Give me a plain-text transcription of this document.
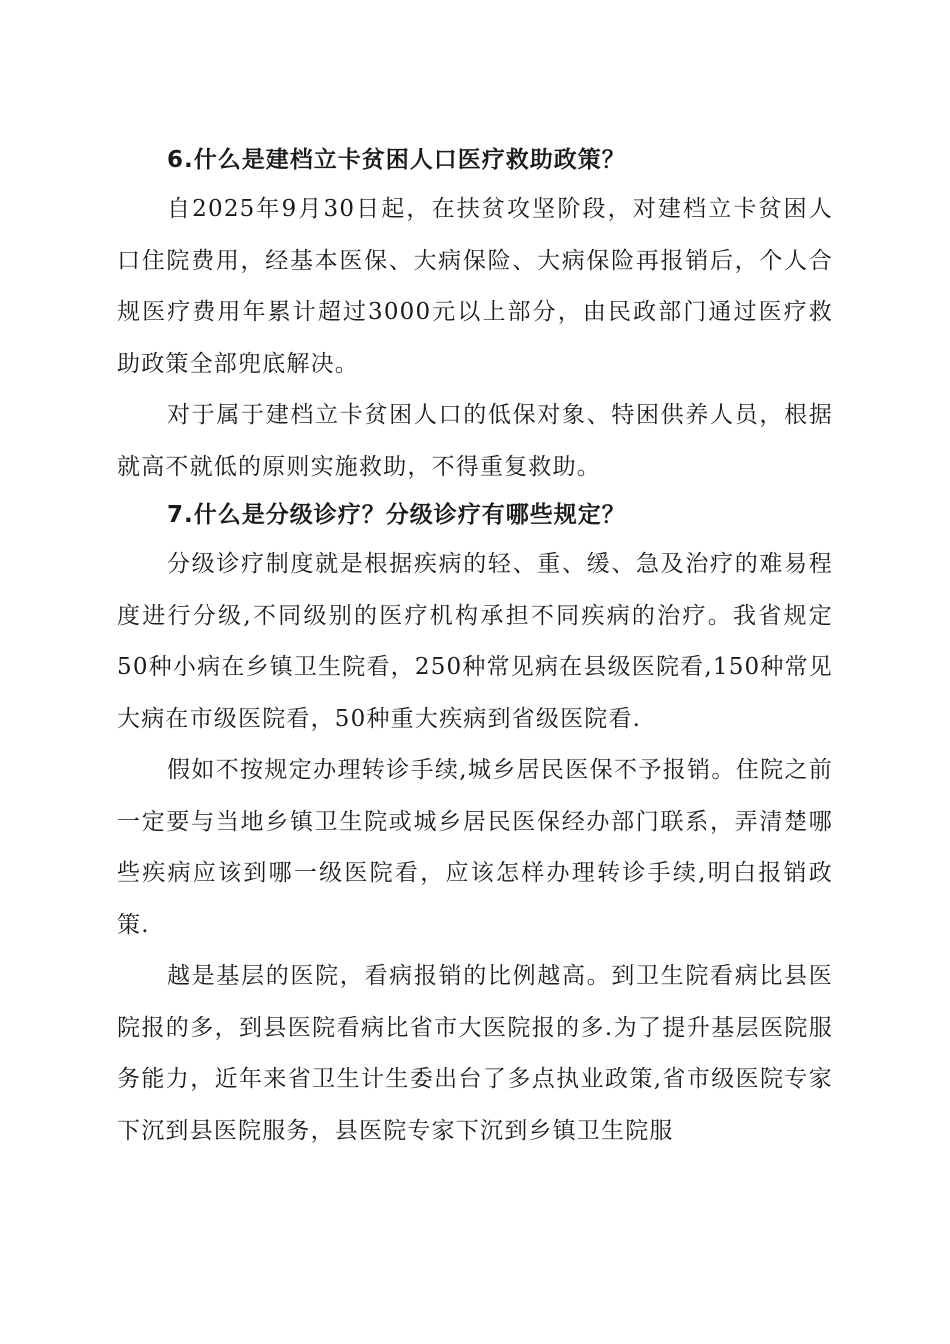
6.什么是建档立卡贫困人口医疗救助政策？

自2025年9月30日起，在扶贫攻坚阶段，对建档立卡贫困人口住院费用，经基本医保、大病保险、大病保险再报销后，个人合规医疗费用年累计超过3000元以上部分，由民政部门通过医疗救助政策全部兜底解决。

对于属于建档立卡贫困人口的低保对象、特困供养人员，根据就高不就低的原则实施救助，不得重复救助。

7.什么是分级诊疗？分级诊疗有哪些规定？

分级诊疗制度就是根据疾病的轻、重、缓、急及治疗的难易程度进行分级,不同级别的医疗机构承担不同疾病的治疗。我省规定50种小病在乡镇卫生院看，250种常见病在县级医院看,150种常见大病在市级医院看，50种重大疾病到省级医院看.

假如不按规定办理转诊手续,城乡居民医保不予报销。住院之前一定要与当地乡镇卫生院或城乡居民医保经办部门联系，弄清楚哪些疾病应该到哪一级医院看，应该怎样办理转诊手续,明白报销政策.

越是基层的医院，看病报销的比例越高。到卫生院看病比县医院报的多，到县医院看病比省市大医院报的多.为了提升基层医院服务能力，近年来省卫生计生委出台了多点执业政策,省市级医院专家下沉到县医院服务，县医院专家下沉到乡镇卫生院服
